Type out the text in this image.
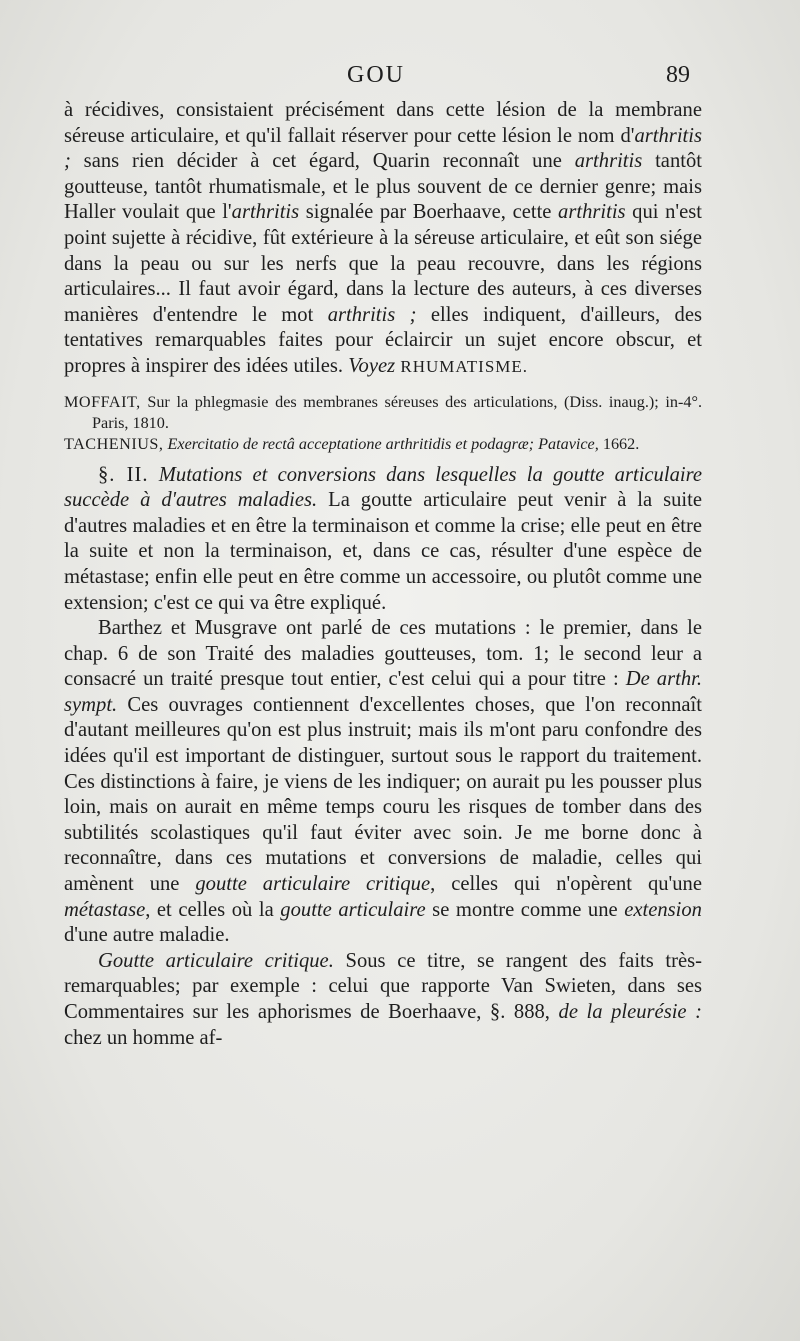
GOU	89

à récidives, consistaient précisément dans cette lésion de la membrane séreuse articulaire, et qu'il fallait réserver pour cette lésion le nom d'arthritis ; sans rien décider à cet égard, Quarin reconnaît une arthritis tantôt goutteuse, tantôt rhumatismale, et le plus souvent de ce dernier genre; mais Haller voulait que l'arthritis signalée par Boerhaave, cette arthritis qui n'est point sujette à récidive, fût extérieure à la séreuse articulaire, et eût son siége dans la peau ou sur les nerfs que la peau recouvre, dans les régions articulaires... Il faut avoir égard, dans la lecture des auteurs, à ces diverses manières d'entendre le mot arthritis ; elles indiquent, d'ailleurs, des tentatives remarquables faites pour éclaircir un sujet encore obscur, et propres à inspirer des idées utiles. Voyez RHUMATISME.

MOFFAIT, Sur la phlegmasie des membranes séreuses des articulations, (Diss. inaug.); in-4°. Paris, 1810.

TACHENIUS, Exercitatio de rectâ acceptatione arthritidis et podagræ; Patavice, 1662.

§. II. Mutations et conversions dans lesquelles la goutte articulaire succède à d'autres maladies. La goutte articulaire peut venir à la suite d'autres maladies et en être la terminaison et comme la crise; elle peut en être la suite et non la terminaison, et, dans ce cas, résulter d'une espèce de métastase; enfin elle peut en être comme un accessoire, ou plutôt comme une extension; c'est ce qui va être expliqué.

Barthez et Musgrave ont parlé de ces mutations : le premier, dans le chap. 6 de son Traité des maladies goutteuses, tom. 1; le second leur a consacré un traité presque tout entier, c'est celui qui a pour titre : De arthr. sympt. Ces ouvrages contiennent d'excellentes choses, que l'on reconnaît d'autant meilleures qu'on est plus instruit; mais ils m'ont paru confondre des idées qu'il est important de distinguer, surtout sous le rapport du traitement. Ces distinctions à faire, je viens de les indiquer; on aurait pu les pousser plus loin, mais on aurait en même temps couru les risques de tomber dans des subtilités scolastiques qu'il faut éviter avec soin. Je me borne donc à reconnaître, dans ces mutations et conversions de maladie, celles qui amènent une goutte articulaire critique, celles qui n'opèrent qu'une métastase, et celles où la goutte articulaire se montre comme une extension d'une autre maladie.

Goutte articulaire critique. Sous ce titre, se rangent des faits très-remarquables; par exemple : celui que rapporte Van Swieten, dans ses Commentaires sur les aphorismes de Boerhaave, §. 888, de la pleurésie : chez un homme af-
